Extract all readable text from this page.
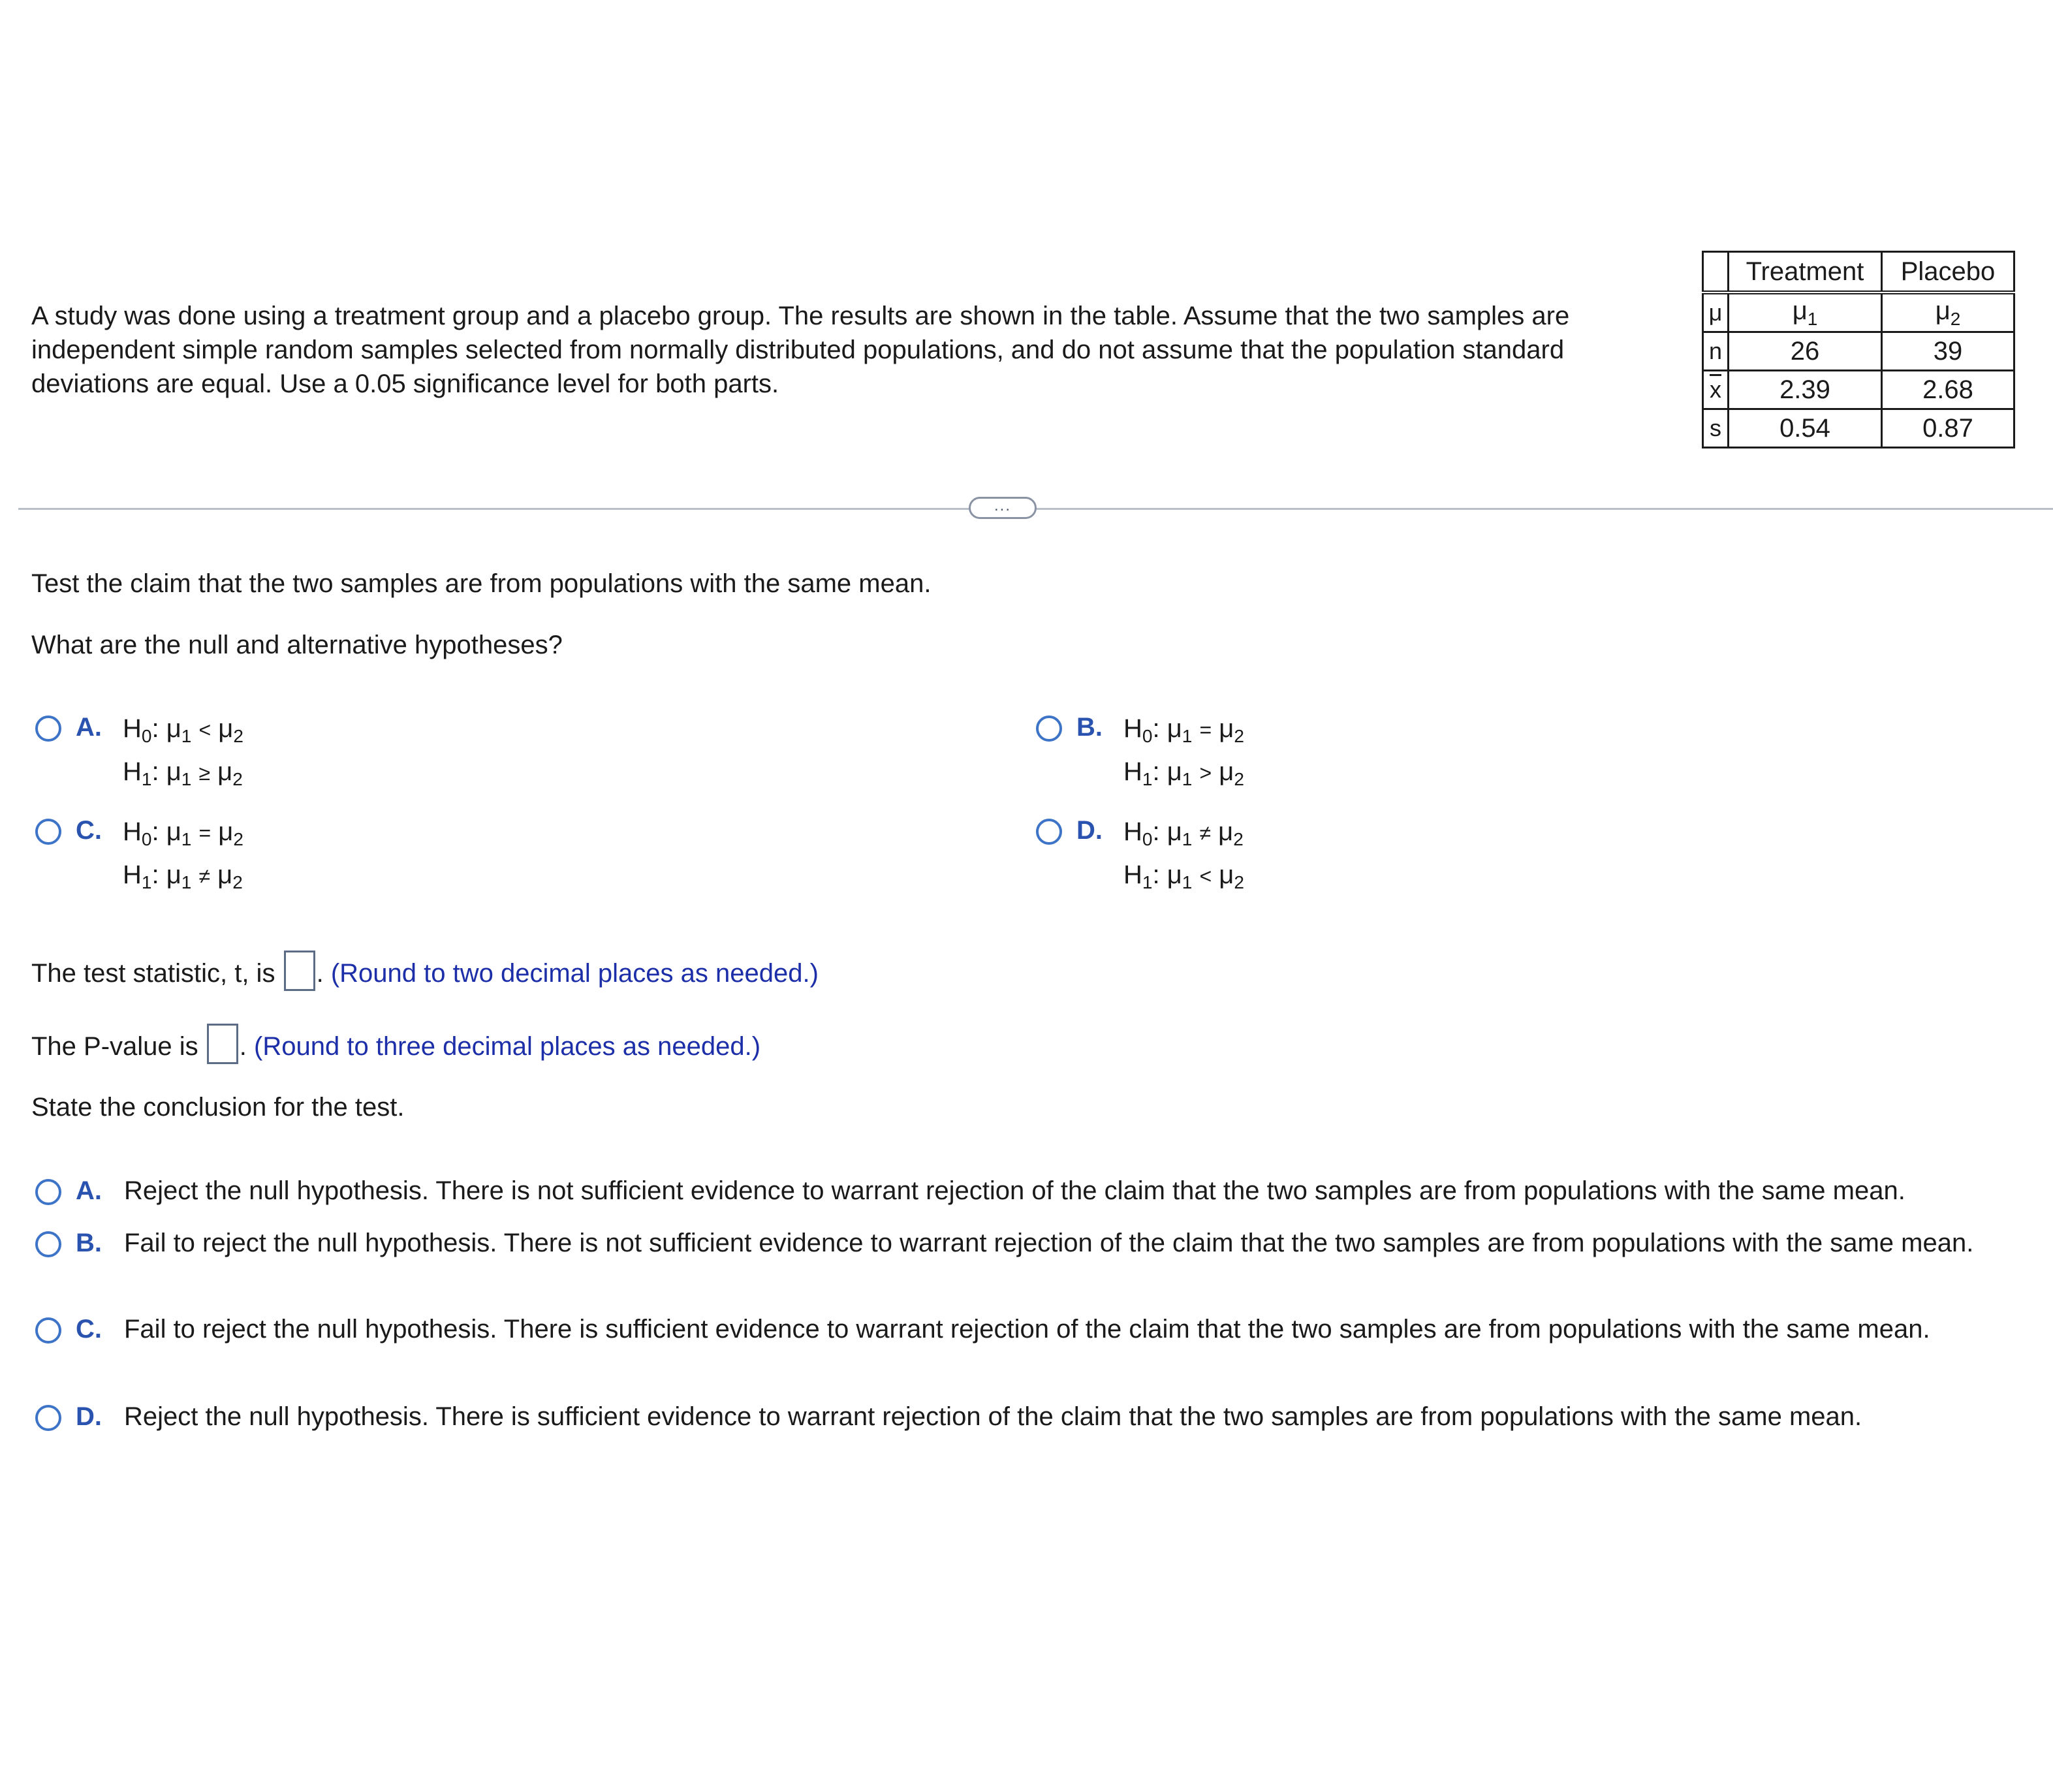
A study was done using a treatment group and a placebo group. The results are shown in the table. Assume that the two samples are independent simple random samples selected from normally distributed populations, and do not assume that the population standard deviations are equal. Use a 0.05 significance level for both parts.
	Treatment	Placebo
μ	$\mu_1$	$\mu_2$
n	26	39
$\overline{x}$	2.39	2.68
s	0.54	0.87
...
Test the claim that the two samples are from populations with the same mean.
What are the null and alternative hypotheses?
A. $H_0$: $\mu_1 < \mu_2$
$H_1$: $\mu_1 \ge \mu_2$
B. $H_0$: $\mu_1 = \mu_2$
$H_1$: $\mu_1 > \mu_2$
C. $H_0$: $\mu_1 = \mu_2$
$H_1$: $\mu_1 \ne \mu_2$
D. $H_0$: $\mu_1 \ne \mu_2$
$H_1$: $\mu_1 < \mu_2$
The test statistic, t, is . (Round to two decimal places as needed.)
The P-value is . (Round to three decimal places as needed.)
State the conclusion for the test.
A. Reject the null hypothesis. There is not sufficient evidence to warrant rejection of the claim that the two samples are from populations with the same mean.
B. Fail to reject the null hypothesis. There is not sufficient evidence to warrant rejection of the claim that the two samples are from populations with the same mean.
C. Fail to reject the null hypothesis. There is sufficient evidence to warrant rejection of the claim that the two samples are from populations with the same mean.
D. Reject the null hypothesis. There is sufficient evidence to warrant rejection of the claim that the two samples are from populations with the same mean.
